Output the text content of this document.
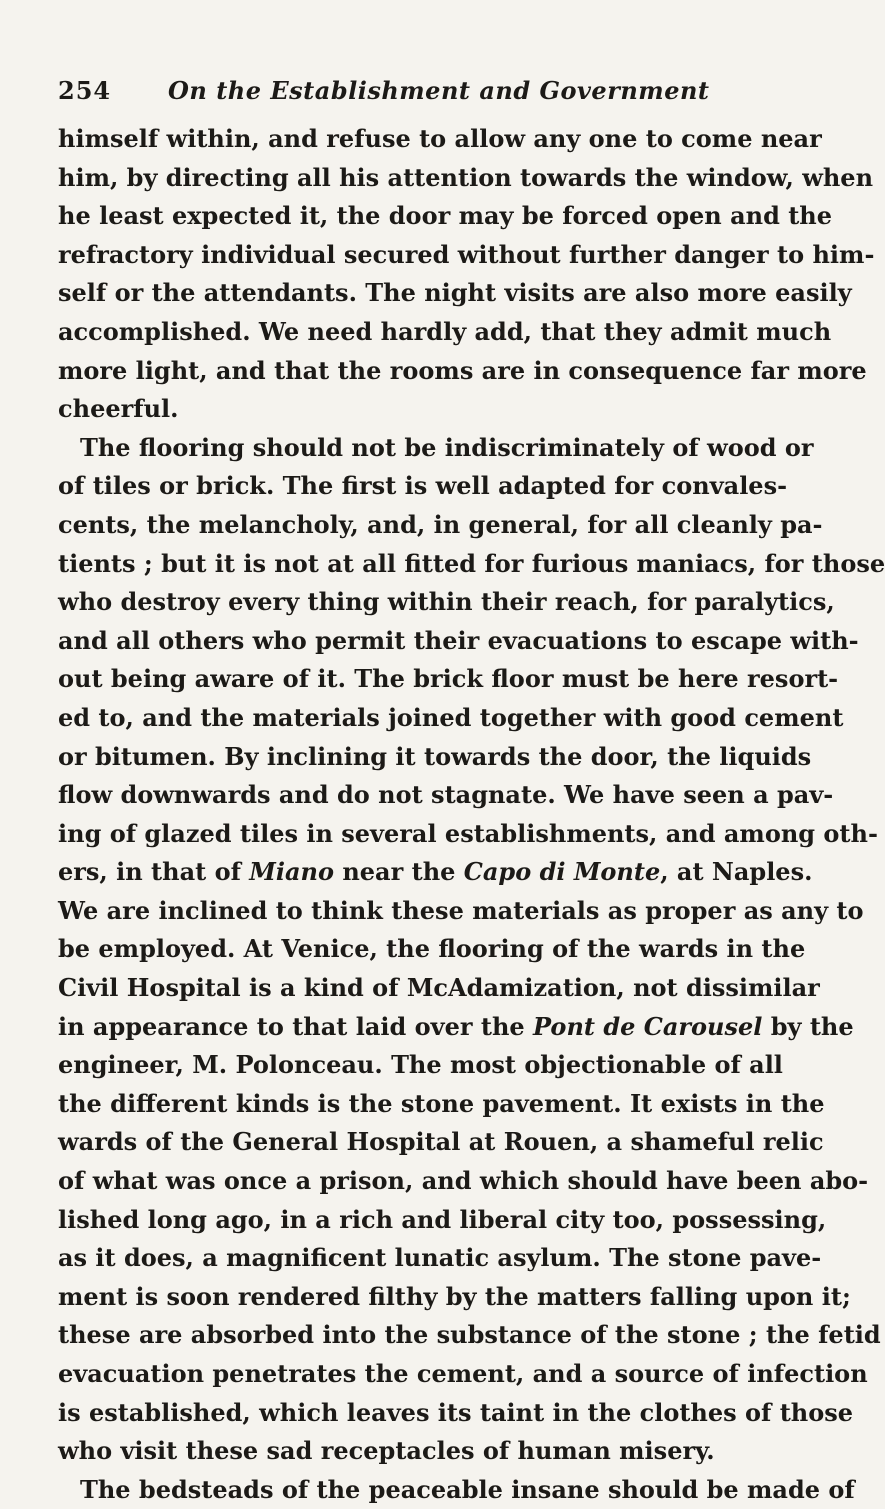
254 On the Establishment and Government
himself within, and refuse to allow any one to come near
him, by directing all his attention towards the window, when
he least expected it, the door may be forced open and the
refractory individual secured without further danger to him-
self or the attendants. The night visits are also more easily
accomplished. We need hardly add, that they admit much
more light, and that the rooms are in consequence far more
cheerful.
The flooring should not be indiscriminately of wood or
of tiles or brick. The first is well adapted for convales-
cents, the melancholy, and, in general, for all cleanly pa-
tients ; but it is not at all fitted for furious maniacs, for those
who destroy every thing within their reach, for paralytics,
and all others who permit their evacuations to escape with-
out being aware of it. The brick floor must be here resort-
ed to, and the materials joined together with good cement
or bitumen. By inclining it towards the door, the liquids
flow downwards and do not stagnate. We have seen a pav-
ing of glazed tiles in several establishments, and among oth-
ers, in that of Miano near the Capo di Monte, at Naples.
We are inclined to think these materials as proper as any to
be employed. At Venice, the flooring of the wards in the
Civil Hospital is a kind of McAdamization, not dissimilar
in appearance to that laid over the Pont de Carousel by the
engineer, M. Polonceau. The most objectionable of all
the different kinds is the stone pavement. It exists in the
wards of the General Hospital at Rouen, a shameful relic
of what was once a prison, and which should have been abo-
lished long ago, in a rich and liberal city too, possessing,
as it does, a magnificent lunatic asylum. The stone pave-
ment is soon rendered filthy by the matters falling upon it;
these are absorbed into the substance of the stone ; the fetid
evacuation penetrates the cement, and a source of infection
is established, which leaves its taint in the clothes of those
who visit these sad receptacles of human misery.
The bedsteads of the peaceable insane should be made of
